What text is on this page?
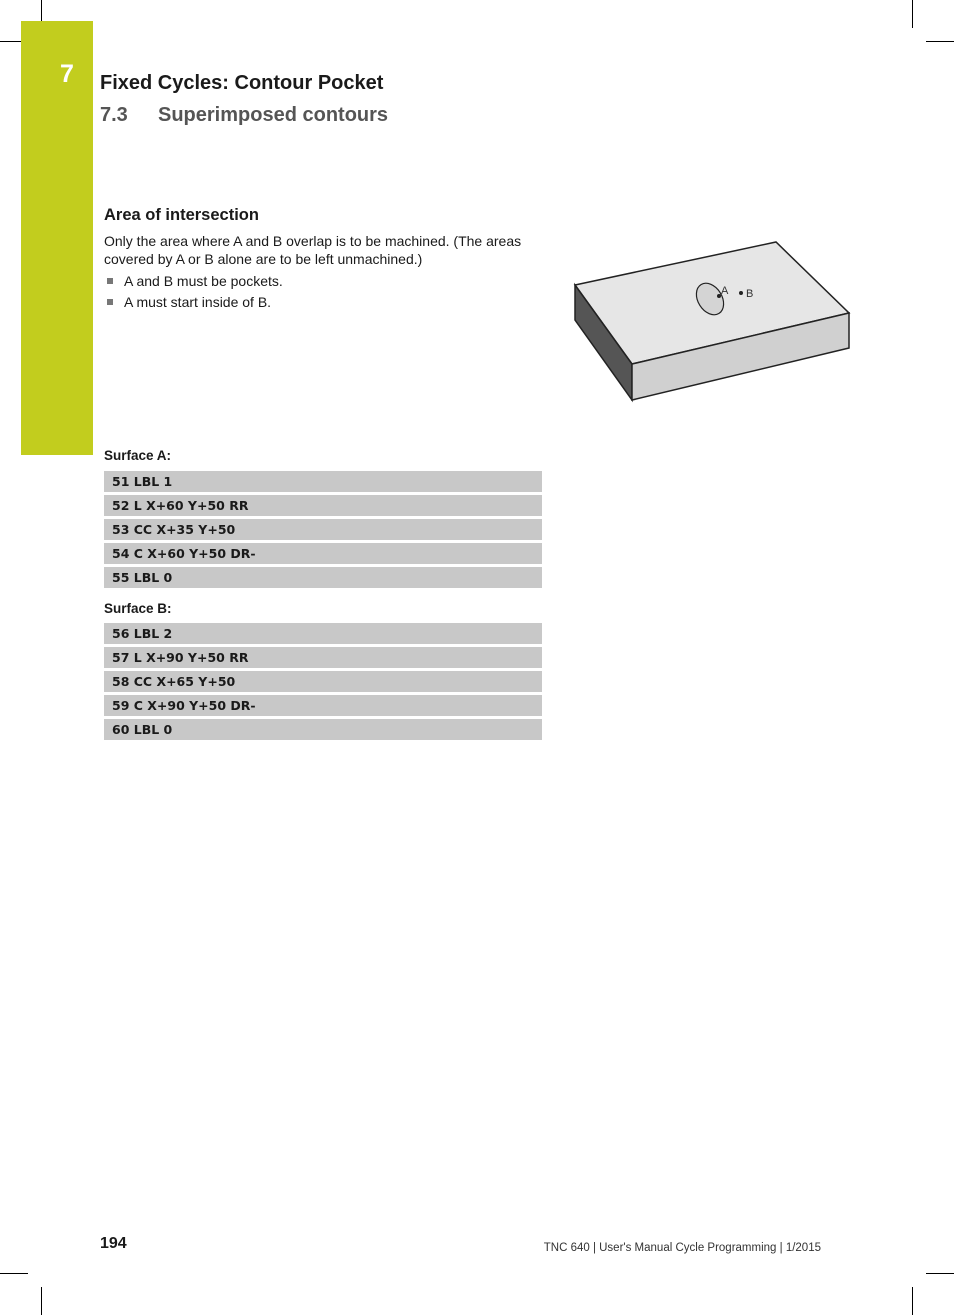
7	Fixed Cycles: Contour Pocket
7.3 Superimposed contours
Area of intersection
Only the area where A and B overlap is to be machined. (The areas covered by A or B alone are to be left unmachined.)
A and B must be pockets.
A must start inside of B.
A B
Surface A:
51 LBL 1
52 L X+60 Y+50 RR
53 CC X+35 Y+50
54 C X+60 Y+50 DR-
55 LBL 0
Surface B:
56 LBL 2
57 L X+90 Y+50 RR
58 CC X+65 Y+50
59 C X+90 Y+50 DR-
60 LBL 0
194	TNC 640 | User's Manual Cycle Programming | 1/2015
